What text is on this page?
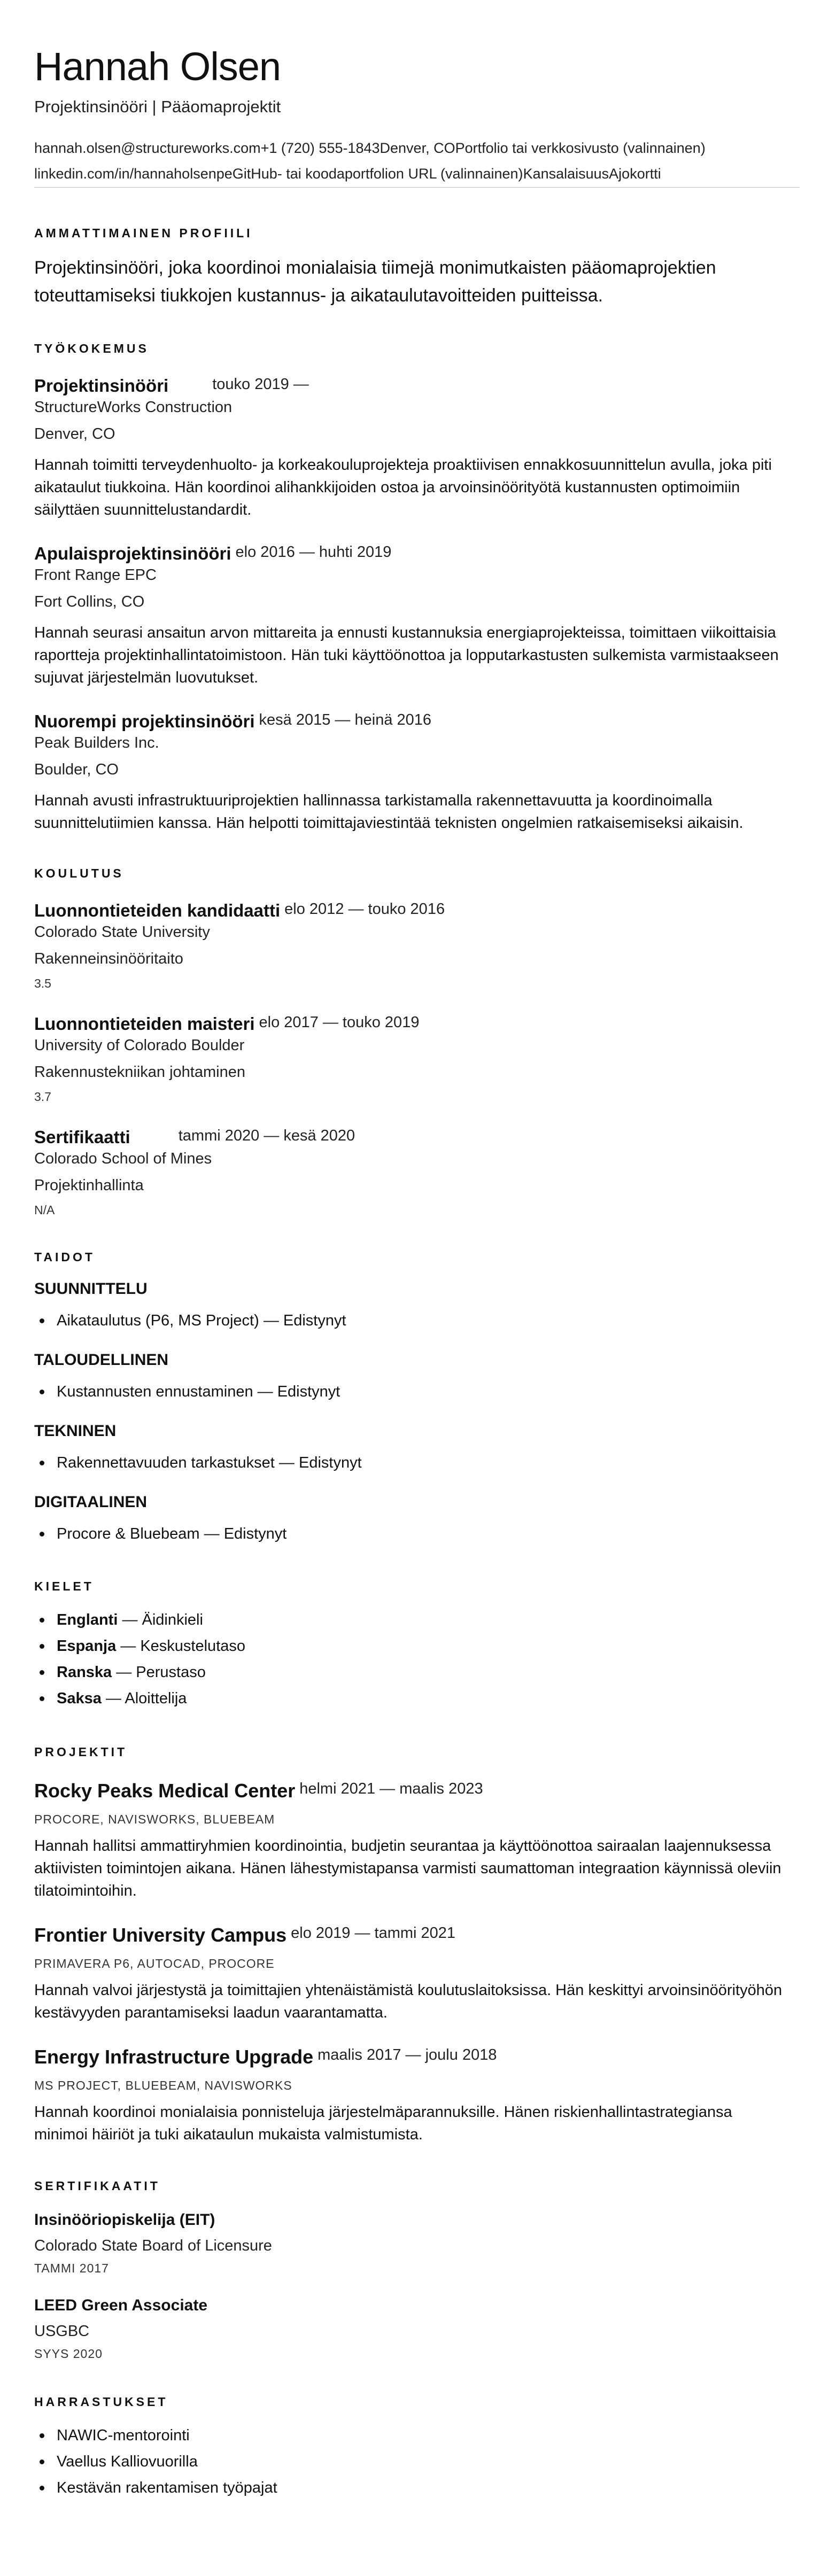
Hannah Olsen
Projektinsinööri | Pääomaprojektit
hannah.olsen@structureworks.com+1 (720) 555-1843Denver, COPortfolio tai verkkosivusto (valinnainen)
linkedin.com/in/hannaholsenpeGitHub- tai koodaportfolion URL (valinnainen)KansalaisuusAjokortti
AMMATTIMAINEN PROFIILI
Projektinsinööri, joka koordinoi monialaisia tiimejä monimutkaisten pääomaprojektien toteuttamiseksi tiukkojen kustannus- ja aikataulutavoitteiden puitteissa.
TYÖKOKEMUS
Projektinsinööri	touko 2019 —
StructureWorks Construction
Denver, CO
Hannah toimitti terveydenhuolto- ja korkeakouluprojekteja proaktiivisen ennakkosuunnittelun avulla, joka piti aikataulut tiukkoina. Hän koordinoi alihankkijoiden ostoa ja arvoinsinöörityötä kustannusten optimoimiin säilyttäen suunnittelustandardit.
Apulaisprojektinsinööri elo 2016 — huhti 2019
Front Range EPC
Fort Collins, CO
Hannah seurasi ansaitun arvon mittareita ja ennusti kustannuksia energiaprojekteissa, toimittaen viikoittaisia raportteja projektinhallintatoimistoon. Hän tuki käyttöönottoa ja lopputarkastusten sulkemista varmistaakseen sujuvat järjestelmän luovutukset.
Nuorempi projektinsinööri kesä 2015 — heinä 2016
Peak Builders Inc.
Boulder, CO
Hannah avusti infrastruktuuriprojektien hallinnassa tarkistamalla rakennettavuutta ja koordinoimalla suunnittelutiimien kanssa. Hän helpotti toimittajaviestintää teknisten ongelmien ratkaisemiseksi aikaisin.
KOULUTUS
Luonnontieteiden kandidaatti elo 2012 — touko 2016
Colorado State University
Rakenneinsinööritaito
3.5
Luonnontieteiden maisteri elo 2017 — touko 2019
University of Colorado Boulder
Rakennustekniikan johtaminen
3.7
Sertifikaatti	tammi 2020 — kesä 2020
Colorado School of Mines
Projektinhallinta
N/A
TAIDOT
SUUNNITTELU
Aikataulutus (P6, MS Project) — Edistynyt
TALOUDELLINEN
Kustannusten ennustaminen — Edistynyt
TEKNINEN
Rakennettavuuden tarkastukset — Edistynyt
DIGITAALINEN
Procore & Bluebeam — Edistynyt
KIELET
Englanti — Äidinkieli
Espanja — Keskustelutaso
Ranska — Perustaso
Saksa — Aloittelija
PROJEKTIT
Rocky Peaks Medical Center helmi 2021 — maalis 2023
PROCORE, NAVISWORKS, BLUEBEAM
Hannah hallitsi ammattiryhmien koordinointia, budjetin seurantaa ja käyttöönottoa sairaalan laajennuksessa aktiivisten toimintojen aikana. Hänen lähestymistapansa varmisti saumattoman integraation käynnissä oleviin tilatoimintoihin.
Frontier University Campus elo 2019 — tammi 2021
PRIMAVERA P6, AUTOCAD, PROCORE
Hannah valvoi järjestystä ja toimittajien yhtenäistämistä koulutuslaitoksissa. Hän keskittyi arvoinsinöörityöhön kestävyyden parantamiseksi laadun vaarantamatta.
Energy Infrastructure Upgrade maalis 2017 — joulu 2018
MS PROJECT, BLUEBEAM, NAVISWORKS
Hannah koordinoi monialaisia ponnisteluja järjestelmäparannuksille. Hänen riskienhallintastrategiansa minimoi häiriöt ja tuki aikataulun mukaista valmistumista.
SERTIFIKAATIT
Insinööriopiskelija (EIT)
Colorado State Board of Licensure
TAMMI 2017
LEED Green Associate
USGBC
SYYS 2020
HARRASTUKSET
NAWIC-mentorointi
Vaellus Kalliovuorilla
Kestävän rakentamisen työpajat
